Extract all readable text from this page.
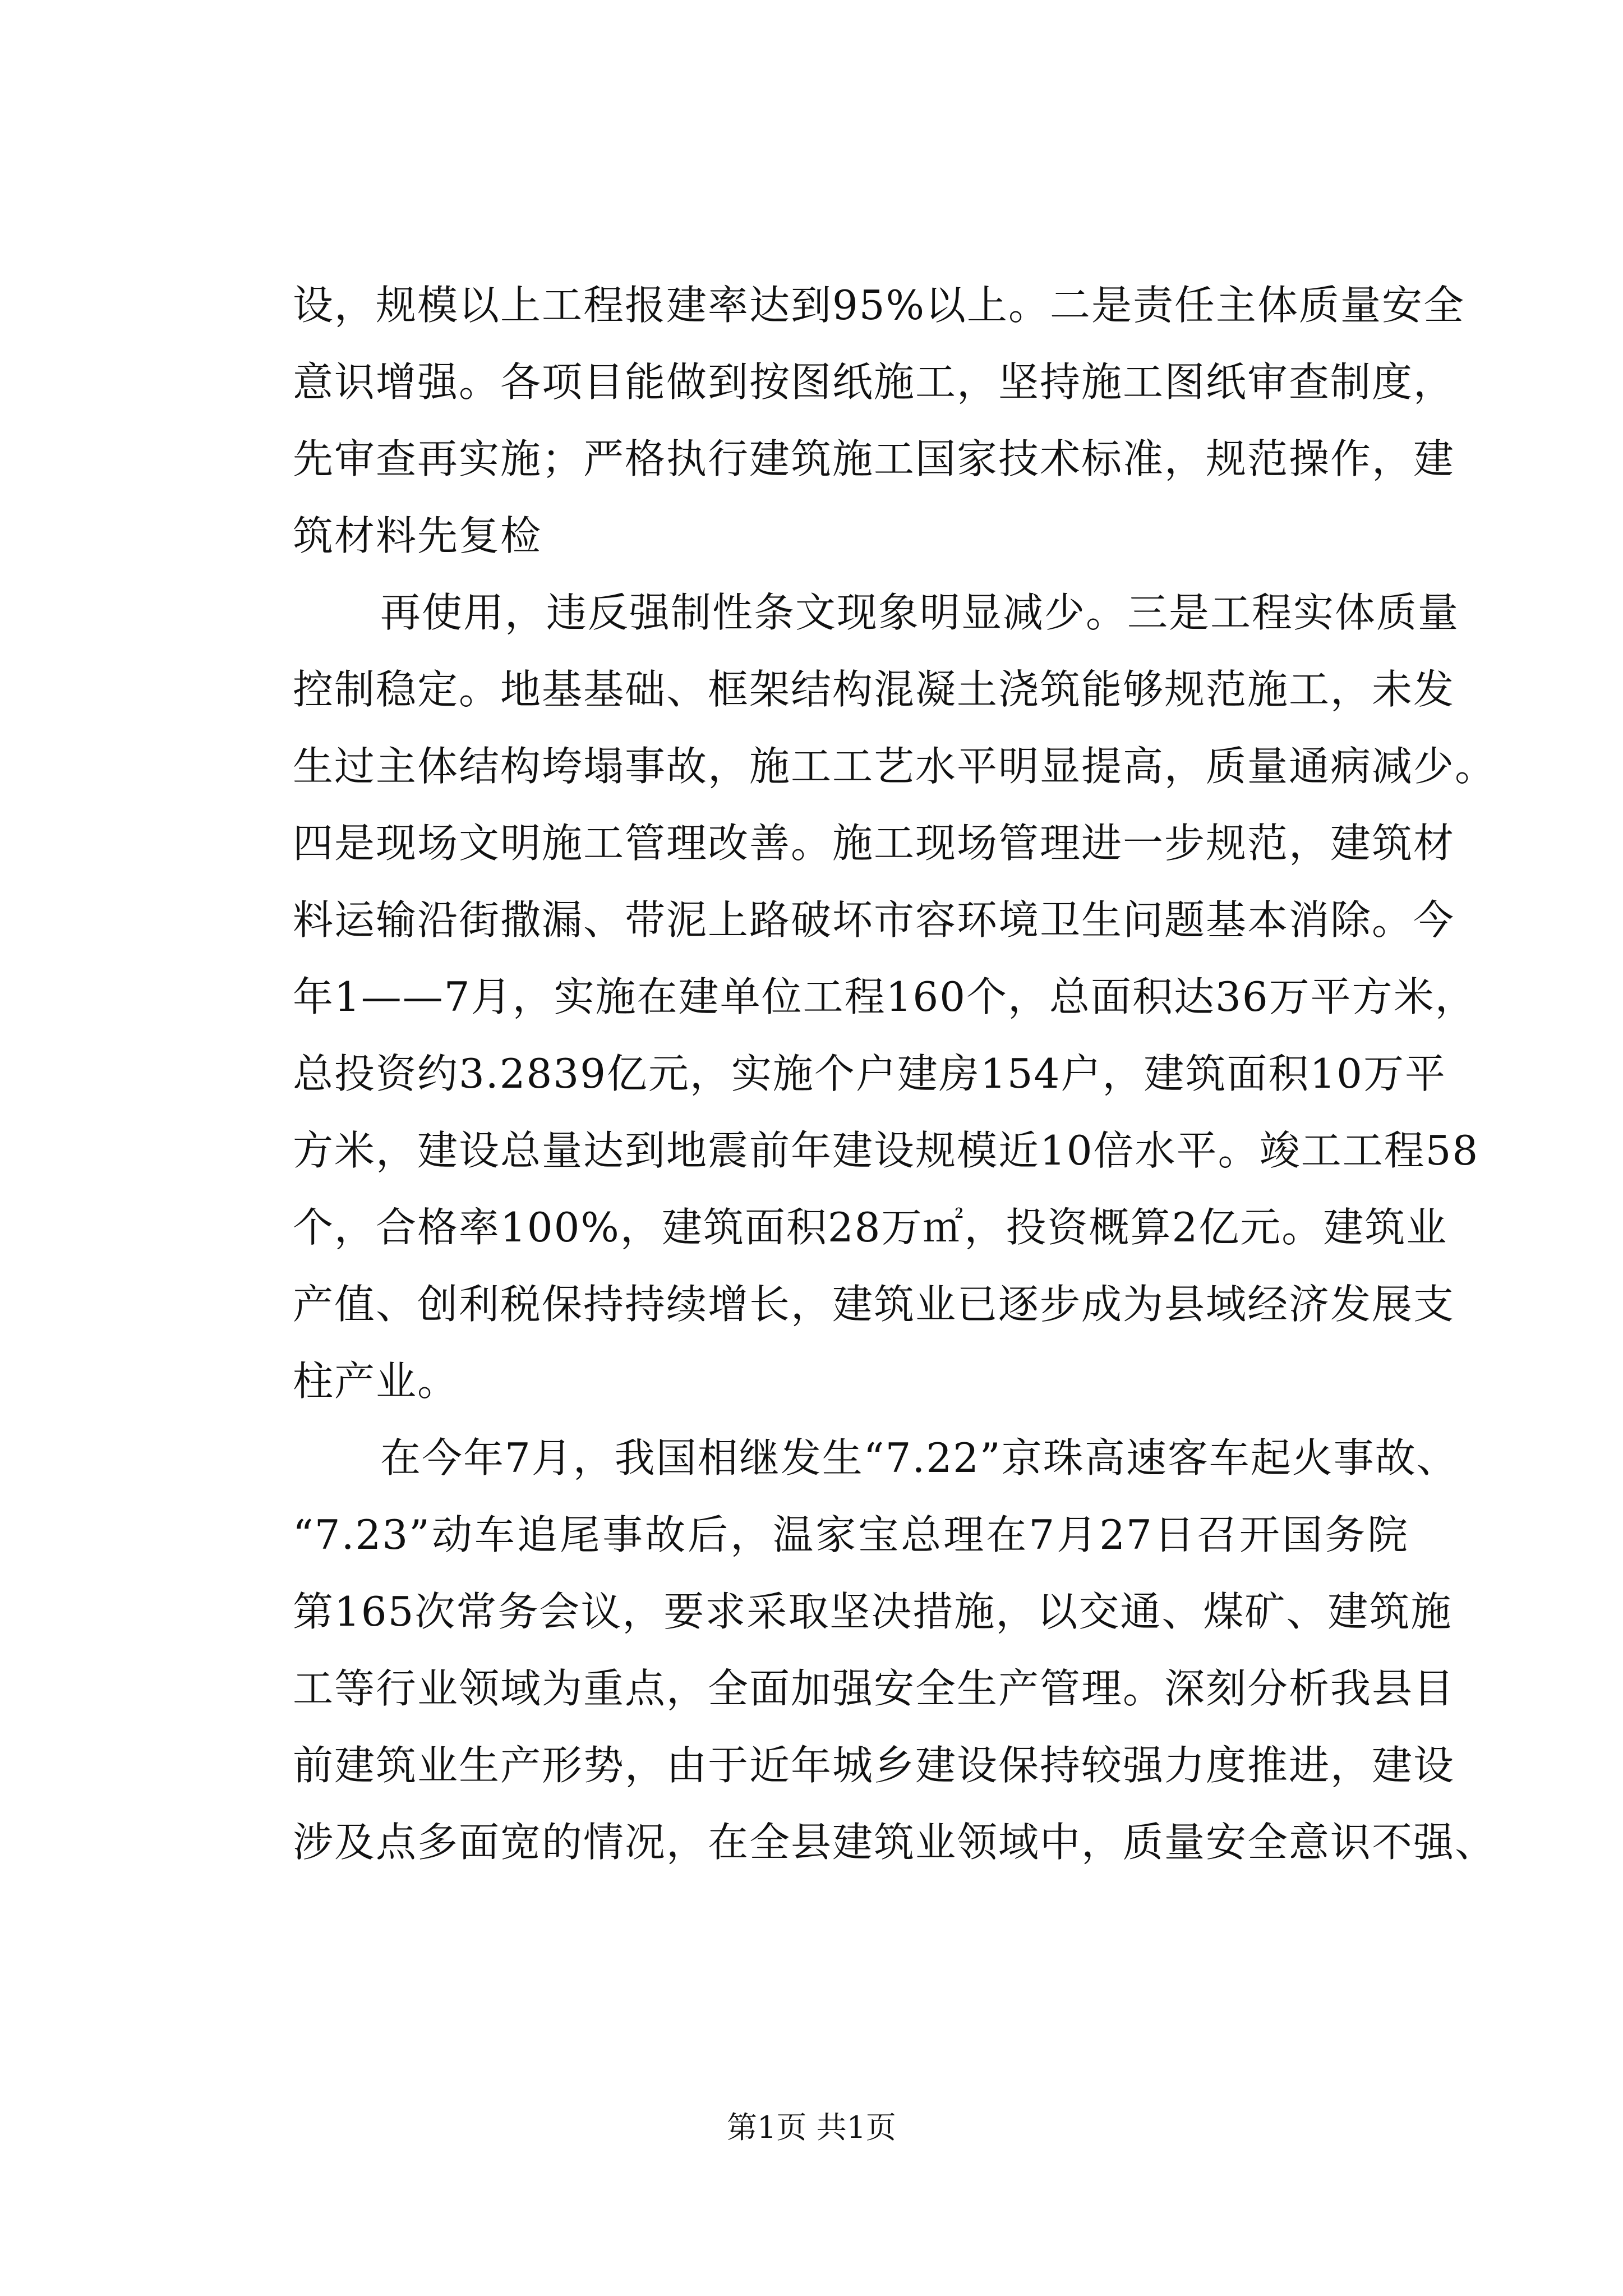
设，规模以上工程报建率达到95%以上。二是责任主体质量安全
意识增强。各项目能做到按图纸施工，坚持施工图纸审查制度，
先审查再实施；严格执行建筑施工国家技术标准，规范操作，建
筑材料先复检
再使用，违反强制性条文现象明显减少。三是工程实体质量
控制稳定。地基基础、框架结构混凝土浇筑能够规范施工，未发
生过主体结构垮塌事故，施工工艺水平明显提高，质量通病减少。
四是现场文明施工管理改善。施工现场管理进一步规范，建筑材
料运输沿街撒漏、带泥上路破坏市容环境卫生问题基本消除。今
年1——7月，实施在建单位工程160个，总面积达36万平方米，
总投资约3.2839亿元，实施个户建房154户，建筑面积10万平
方米，建设总量达到地震前年建设规模近10倍水平。竣工工程58
个，合格率100%，建筑面积28万㎡，投资概算2亿元。建筑业
产值、创利税保持持续增长，建筑业已逐步成为县域经济发展支
柱产业。
在今年7月，我国相继发生“7.22”京珠高速客车起火事故、
“7.23”动车追尾事故后，温家宝总理在7月27日召开国务院
第165次常务会议，要求采取坚决措施，以交通、煤矿、建筑施
工等行业领域为重点，全面加强安全生产管理。深刻分析我县目
前建筑业生产形势，由于近年城乡建设保持较强力度推进，建设
涉及点多面宽的情况，在全县建筑业领域中，质量安全意识不强、
第1页 共1页
